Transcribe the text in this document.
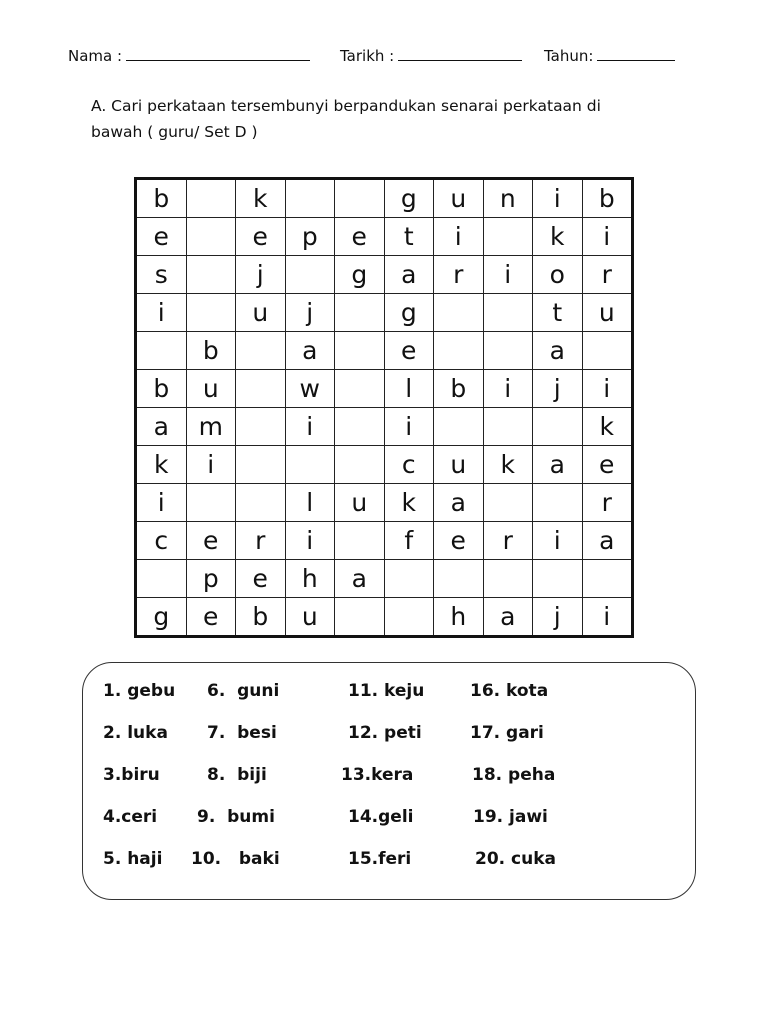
Nama :	Tarikh :	Tahun:
A. Cari perkataan tersembunyi berpandukan senarai perkataan di
bawah ( guru/ Set D )
b		k			g	u	n	i	b
e		e	p	e	t	i		k	i
s		j		g	a	r	i	o	r
i		u	j		g			t	u
	b		a		e			a	
b	u		w		l	b	i	j	i
a	m		i		i				k
k	i				c	u	k	a	e
i			l	u	k	a			r
c	e	r	i		f	e	r	i	a
	p	e	h	a					
g	e	b	u			h	a	j	i
1. gebu
2. luka
3.biru
4.ceri
5. haji
6.  guni
7.  besi
8.  biji
9.  bumi
10.   baki
11. keju
12. peti
13.kera
14.geli
15.feri
16. kota
17. gari
18. peha
19. jawi
20. cuka
